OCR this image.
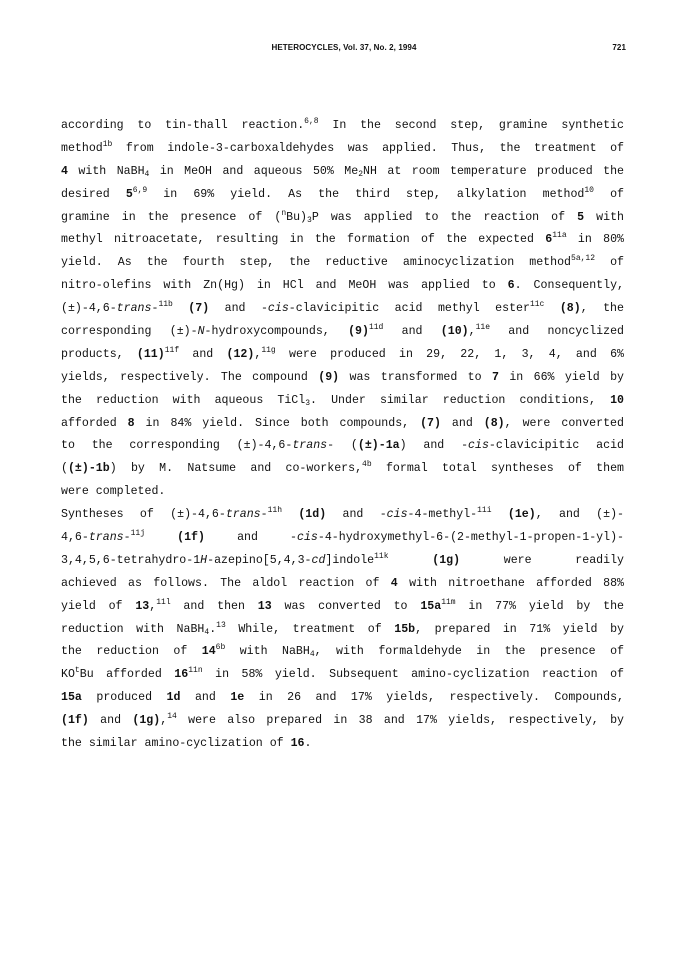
HETEROCYCLES, Vol. 37, No. 2, 1994	721
according to tin-thall reaction.$^{6,8}$ In the second step, gramine synthetic
method$^{1b}$ from indole-3-carboxaldehydes was applied. Thus, the treatment of
4 with NaBH$_4$ in MeOH and aqueous 50% $Me_2NH$ at room temperature produced the
desired 5$^{6,9}$ in 69% yield. As the third step, alkylation method$^{10}$ of
gramine in the presence of $(^nBu)_3P$ was applied to the reaction of 5 with
methyl nitroacetate, resulting in the formation of the expected $6^{11a}$ in 80%
yield. As the fourth step, the reductive aminocyclization method$^{5a,12}$ of
nitro-olefins with Zn(Hg) in HCl and MeOH was applied to 6. Consequently,
(±)-4,6-trans-$^{11b}$ (7) and -cis-clavicipitic acid methyl ester$^{11c}$ (8), the
corresponding (±)-N-hydroxycompounds, $(9)^{11d}$ and (10),$^{11e}$ and noncyclized
products, $(11)^{11f}$ and (12),$^{11g}$ were produced in 29, 22, 1, 3, 4, and 6%
yields, respectively. The compound (9) was transformed to 7 in 66% yield by
the reduction with aqueous TiCl$_3$. Under similar reduction conditions, 10
afforded 8 in 84% yield. Since both compounds, (7) and (8), were converted
to the corresponding (±)-4,6-trans- ((±)-1a) and -cis-clavicipitic acid
((±)-1b) by M. Natsume and co-workers,$^{4b}$ formal total syntheses of them
were completed.
Syntheses of (±)-4,6-trans-$^{11h}$ (1d) and -cis-4-methyl-$^{11i}$ (1e), and (±)-
4,6-trans-$^{11j}$	(1f) and -cis-4-hydroxymethyl-6-(2-methyl-1-propen-1-yl)-
3,4,5,6-tetrahydro-1H-azepino[5,4,3-cd]indole$^{11k}$	(1g) were readily
achieved as follows. The aldol reaction of 4 with nitroethane afforded 88%
yield of 13,$^{11l}$ and then 13 was converted to $15a^{11m}$ in 77% yield by the
reduction with NaBH$_4$.$^{13}$ While, treatment of 15b, prepared in 71% yield by
the reduction of $14^{6b}$ with NaBH$_4$, with formaldehyde in the presence of
$KO^tBu$ afforded $16^{11n}$ in 58% yield. Subsequent amino-cyclization reaction of
15a produced 1d and 1e in 26 and 17% yields, respectively. Compounds,
(1f) and (1g),$^{14}$ were also prepared in 38 and 17% yields, respectively, by
the similar amino-cyclization of 16.
